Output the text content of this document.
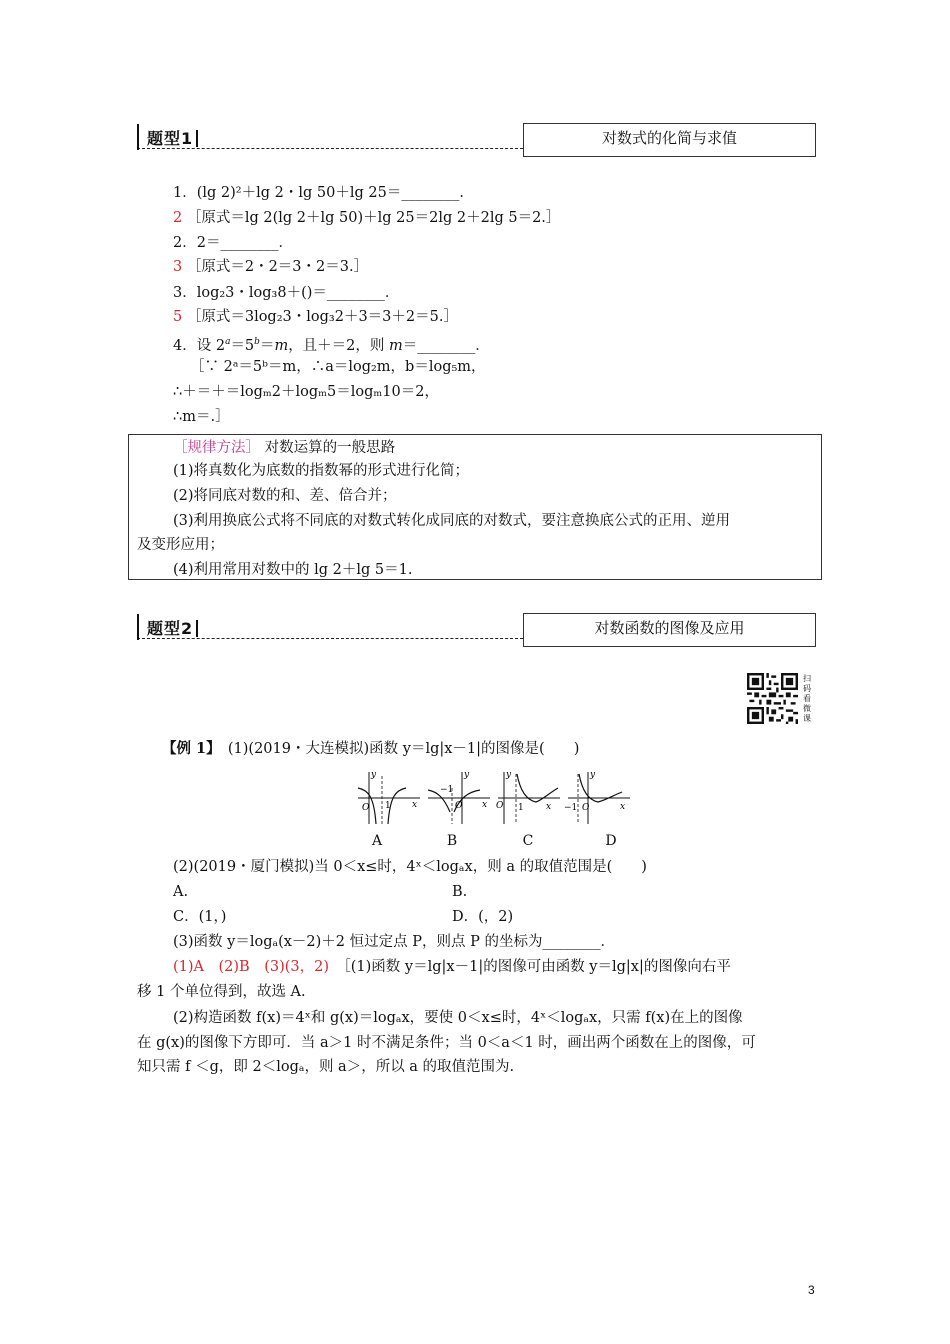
题型1	对数式的化简与求值
1．(lg 2)²＋lg 2・lg 50＋lg 25＝________．
2 ［原式＝lg 2(lg 2＋lg 50)＋lg 25＝2lg 2＋2lg 5＝2.］
2．2＝________．
3 ［原式＝2・2＝3・2＝3.］
3．log₂3・log₃8＋()＝________．
5 ［原式＝3log₂3・log₃2＋3＝3＋2＝5.］
4．设 $2^a=5^b=m$，且＋＝2，则 m＝________．
［∵ 2ᵃ＝5ᵇ＝m，∴a＝log₂m，b＝log₅m，
∴＋＝＋＝logₘ2＋logₘ5＝logₘ10＝2，
∴m＝.］
［规律方法］ 对数运算的一般思路
(1)将真数化为底数的指数幂的形式进行化简；
(2)将同底对数的和、差、倍合并；
(3)利用换底公式将不同底的对数式转化成同底的对数式，要注意换底公式的正用、逆用
及变形应用；
(4)利用常用对数中的 lg 2＋lg 5＝1.
题型2	对数函数的图像及应用
扫
码
看
微
课
【例 1】　 (1)(2019・大连模拟)函数 y＝lg|x－1|的图像是(　　)
O 1
y
x
−1
O
y
x O 1
y
x −1 O
y
x
A	B	C	D
(2)(2019・厦门模拟)当 0＜x≤时，4ˣ＜logₐx，则 a 的取值范围是(　　)
A.	B.
C．(1，)	D．(，2)
(3)函数 y＝logₐ(x－2)＋2 恒过定点 P，则点 P 的坐标为________．
(1)A　(2)B　(3)(3，2)　［(1)函数 y＝lg|x－1|的图像可由函数 y＝lg|x|的图像向右平
移 1 个单位得到，故选 A.
(2)构造函数 f(x)＝4ˣ和 g(x)＝logₐx，要使 0＜x≤时，4ˣ＜logₐx，只需 f(x)在上的图像
在 g(x)的图像下方即可．当 a＞1 时不满足条件；当 0＜a＜1 时，画出两个函数在上的图像，可
知只需 f ＜g，即 2＜logₐ，则 a＞，所以 a 的取值范围为.
3
